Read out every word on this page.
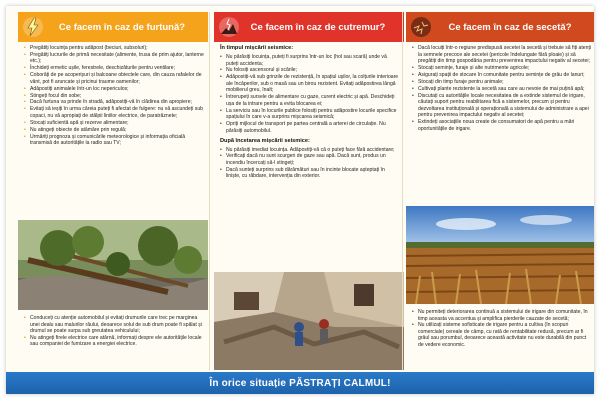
Ce facem în caz de furtună?
• Pregătiți locuința pentru adăpost (beciuri, subsoluri);
• Pregătiți lucrurile de primă necesitate (alimente, trusa de prim ajutor, lanterne etc.);
• Închideți ermetic ușile, ferestrele, deschizăturile pentru ventilare;
• Coborâți de pe acoperișuri și balcoane obiectele care, din cauza rafalelor de vânt, pot fi aruncate și pricinui traume oamenilor;
• Adăpostiți animalele într-un loc nepericulos;
• Stingeți focul din sobe;
• Dacă furtuna va prinde în stradă, adăpostiți-vă în clădirea din apropiere;
• Evitați să ieșiți în urma căreia puteți fi afectat de fulgere: nu vă ascundeți sub copaci, nu vă apropiați de stâlpii liniilor electrice, de paratrăznete;
• Stocați suficientă apă și rezerve alimentare;
• Nu atingeți obiecte de atâmâre prin regulă;
• Urmăriți prognoza și comunicările meteorologice și informația oficială transmisă de autoritățile la radio sau TV;
• Conduceți cu atenție automobilul și evitați drumurile care trec pe marginea unei dealu sau malurilor râului, deoarece solul de sub drum poate fi spălat și drumul se poate surpa sub greutatea vehiculului;
• Nu atingeți firele electrice care atârnă, informați despre ele autoritățile locale sau companiei de furnizare a energiei electrice.
Ce facem în caz de cutremur?
În timpul mișcării seismice:
• Nu părăsiți locuința, puteți fi surprins într-un loc (hol sau scară) unde vă puteți accidenta;
• Nu folosiți ascensorul și scările;
• Adăpostiți-vă sub grinzile de rezistență, în spațiul ușilor, la colțurile interioare ale încăperilor, sub o masă sau un birou rezistent. Evitați adăpostirea lângă mobilierul greu, înalt;
• Întrerupeți sursele de alimentare cu gaze, curent electric și apă. Deschideți ușa de la intrare pentru a evita blocarea ei;
• La serviciu sau în locurile publice folosiți pentru adăpostire locurile specifice spațiului în care v-a surprins mișcarea seismică;
• Opriți mijlocul de transport pe partea centrală a arterei de circulație. Nu părăsiți automobilul.
După încetarea mișcării seismice:
• Nu părăsiți imediat locuința. Adăpostiți-vă că o puteți face fără accidentare;
• Verificați dacă nu sunt scurgeri de gaze sau apă. Dacă sunt, produs un incendiu încercați să-l stingeți;
• Dacă sunteți surprins sub dărâmături sau în incinte blocate așteptați în liniște, cu răbdare, intervenția din exterior.
Ce facem în caz de secetă?
• Dacă locuiți într-o regiune predispusă secetei la secetă și trebuie să fiți atenți la semnele precoce ale secetei (pericole îndelungate fără ploaie) și să pregătiți din timp gospodăria pentru prevenirea impactului negativ al secetei;
• Stocați semințe, furaje și alte nutrimente agricole;
• Asigurați spații de stocare în comunitate pentru semințe de grâu de lanuri;
• Stocați din timp furaje pentru animale;
• Cultivați plante rezistente la secetă sau care au nevoie de mai puțină apă;
• Discutați cu autoritățile locale necesitatea de a extinde sistemul de irigare, căutați suport pentru reabilitarea fică a sistemelor, precum și pentru dezvoltarea instituțională și operațională a sistemului de administrare a apei pentru prevenirea impactului negativ al secetei;
• Extindeți asociațiile noua create de consumatori de apă pentru a mări oportunitățile de irigare.
• Nu permiteți deteriorarea continuă a sistemului de irigare din comunitate, în timp aceasta va accentua și amplifica pierderile cauzate de secetă;
• Nu utilizați sisteme sofisticate de irigare pentru a cultiva (în scopuri comerciale) cereale de câmp, cu rată de rentabilitate redusă, precum ar fi grâul sau porumbul, deoarece această activitate nu este durabilă din punct de vedere economic.
În orice situație PĂSTRAȚI CALMUL!
